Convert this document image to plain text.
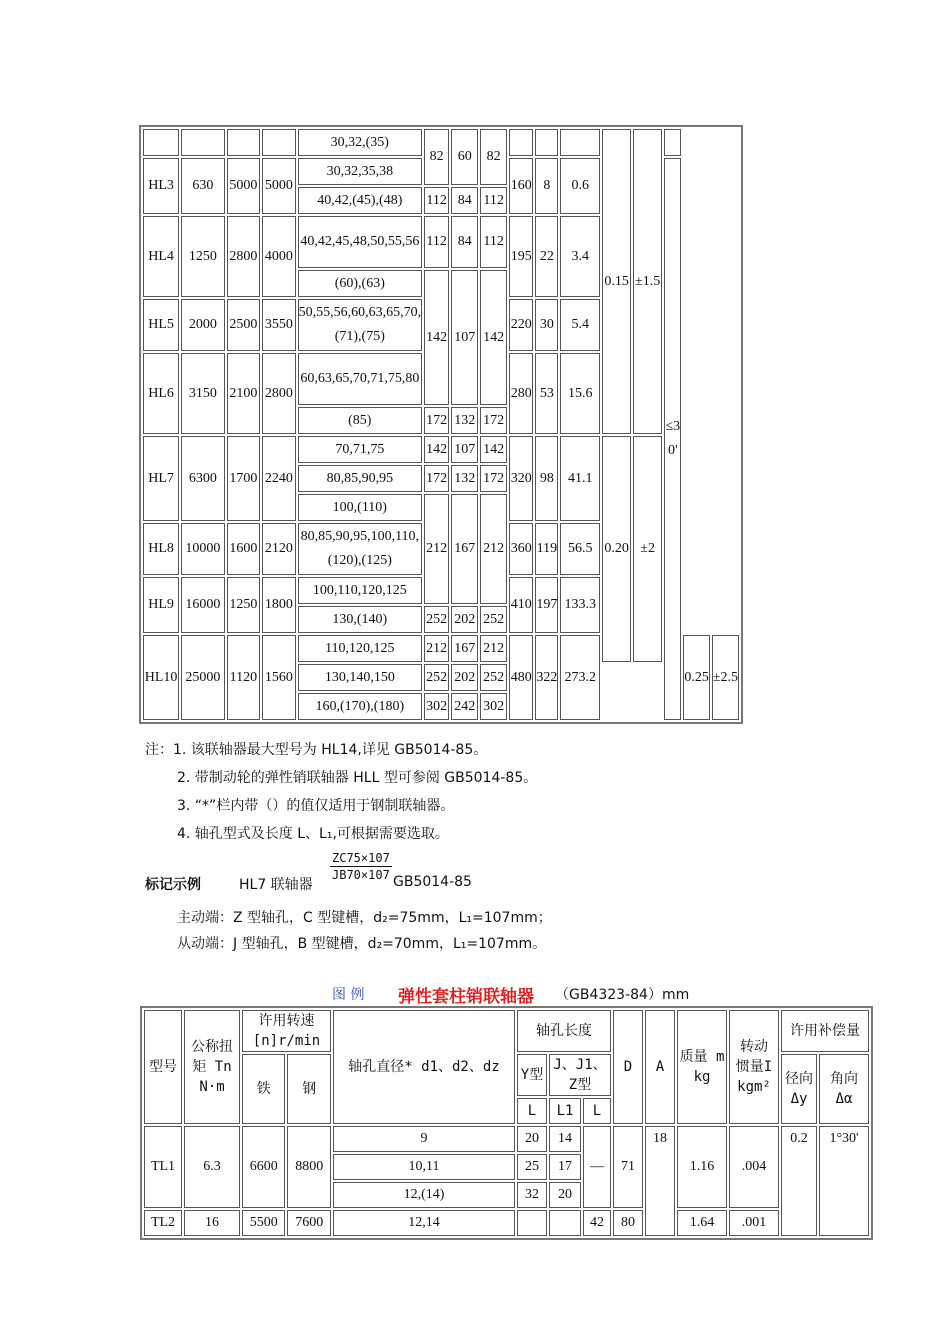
				30,32,(35)	82	60	82				0.15	±1.5			
HL3	630	5000	5000	30,32,35,38				160	8	0.6			≤30'		
				40,42,(45),(48)	112	84	112								
HL4	1250	2800	4000	40,42,45,48,50,55,56	112	84	112	195	22	3.4					
				(60),(63)	142	107	142								
HL5	2000	2500	3550	50,55,56,60,63,65,70,(71),(75)				220	30	5.4					
HL6	3150	2100	2800	60,63,65,70,71,75,80				280	53	15.6					
				(85)	172	132	172								
HL7	6300	1700	2240	70,71,75	142	107	142	320	98	41.1	0.20	±2			
				80,85,90,95	172	132	172								
				100,(110)	212	167	212								
HL8	10000	1600	2120	80,85,90,95,100,110,(120),(125)				360	119	56.5					
HL9	16000	1250	1800	100,110,120,125				410	197	133.3					
				130,(140)	252	202	252								
HL10	25000	1120	1560	110,120,125	212	167	212	480	322	273.2				0.25	±2.5
				130,140,150	252	202	252								
				160,(170),(180)	302	242	302								
注：1. 该联轴器最大型号为 HL14,详见 GB5014-85。
2. 带制动轮的弹性销联轴器 HLL 型可参阅 GB5014-85。
3. “*”栏内带（）的值仅适用于钢制联轴器。
4. 轴孔型式及长度 L、L₁,可根据需要选取。
标记示例	HL7 联轴器
$\frac{ZC75\times 107}{JB70\times 107} GB5014-85$
主动端：Z 型轴孔，C 型键槽，d₂=75mm，L₁=107mm；
从动端：J 型轴孔，B 型键槽，d₂=70mm，L₁=107mm。
图 例 弹性套柱销联轴器 （GB4323-84）mm
型号	公称扭矩 Tn N·m	许用转速 [n]r/min		轴孔直径* d1、d2、dz	轴孔长度			D	A	质量 m kg	转动 惯量I kgm²	许用补偿量	
		铁	钢		Y型	J、J1、Z型						径向 Δy	角向 Δα
					L	L1	L						
TL1	6.3	6600	8800	9	20	14	—	71	18	1.16	.004	0.2	1°30'
				10,11	25	17							
				12,(14)	32	20							
TL2	16	5500	7600	12,14			42	80		1.64	.001		
